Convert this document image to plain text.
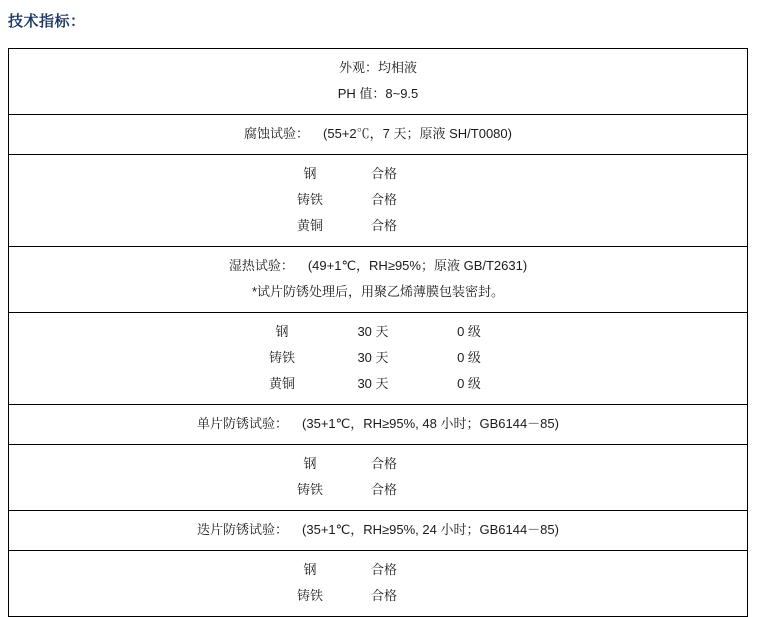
技术指标：
外观：均相液
PH 值：8~9.5

腐蚀试验：	(55+2℃，7 天；原液 SH/T0080)

钢	合格
铸铁	合格
黄铜	合格

湿热试验：	(49+1℃，RH≥95%；原液 GB/T2631)
*试片防锈处理后，用聚乙烯薄膜包装密封。

钢	30 天	0 级
铸铁	30 天	0 级
黄铜	30 天	0 级

单片防锈试验：	(35+1℃，RH≥95%, 48 小时；GB6144－85)

钢	合格
铸铁	合格

迭片防锈试验：	(35+1℃，RH≥95%, 24 小时；GB6144－85)

钢	合格
铸铁	合格
